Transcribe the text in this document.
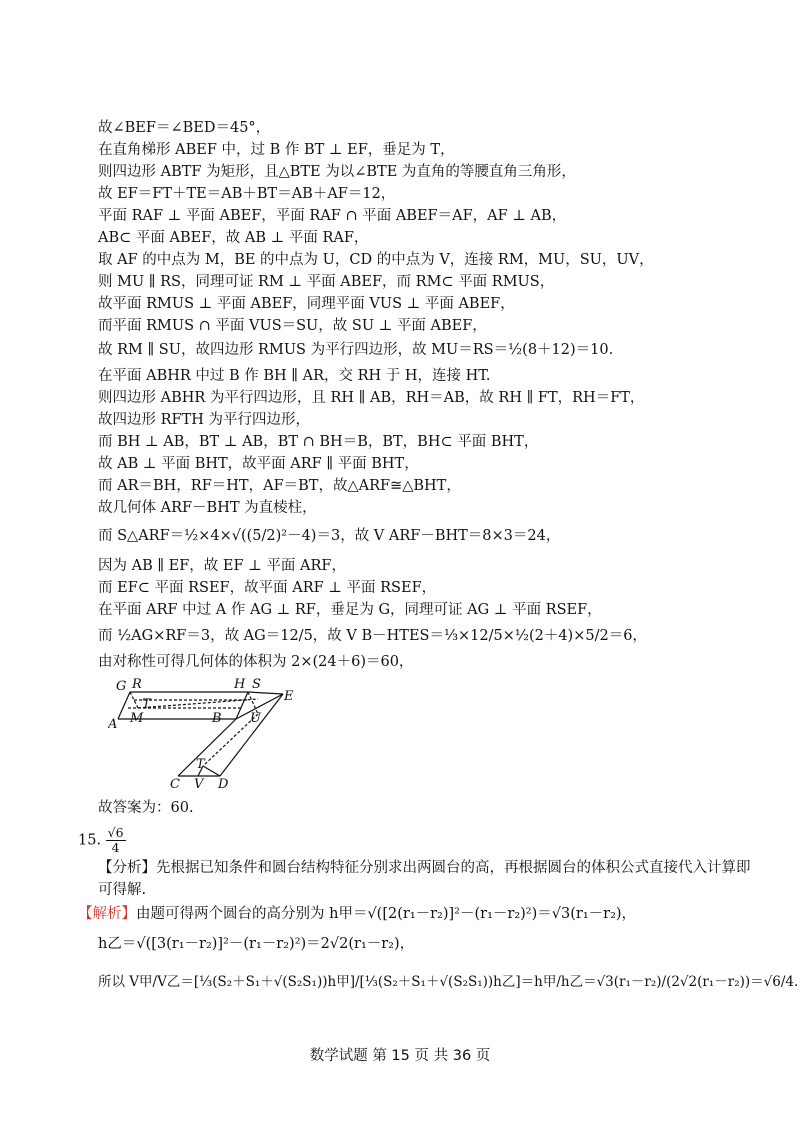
故∠BEF＝∠BED＝45°，
在直角梯形 ABEF 中，过 B 作 BT ⊥ EF，垂足为 T，
则四边形 ABTF 为矩形，且△BTE 为以∠BTE 为直角的等腰直角三角形，
故 EF＝FT＋TE＝AB＋BT＝AB＋AF＝12，
平面 RAF ⊥ 平面 ABEF，平面 RAF ∩ 平面 ABEF＝AF，AF ⊥ AB，
AB⊂ 平面 ABEF，故 AB ⊥ 平面 RAF，
取 AF 的中点为 M，BE 的中点为 U，CD 的中点为 V，连接 RM，MU，SU，UV，
则 MU ∥ RS，同理可证 RM ⊥ 平面 ABEF，而 RM⊂ 平面 RMUS，
故平面 RMUS ⊥ 平面 ABEF，同理平面 VUS ⊥ 平面 ABEF，
而平面 RMUS ∩ 平面 VUS＝SU，故 SU ⊥ 平面 ABEF，
故 RM ∥ SU，故四边形 RMUS 为平行四边形，故 MU＝RS＝½(8＋12)＝10.
在平面 ABHR 中过 B 作 BH ∥ AR，交 RH 于 H，连接 HT.
则四边形 ABHR 为平行四边形，且 RH ∥ AB，RH＝AB，故 RH ∥ FT，RH＝FT，
故四边形 RFTH 为平行四边形，
而 BH ⊥ AB，BT ⊥ AB，BT ∩ BH＝B，BT，BH⊂ 平面 BHT，
故 AB ⊥ 平面 BHT，故平面 ARF ∥ 平面 BHT，
而 AR＝BH，RF＝HT，AF＝BT，故△ARF≅△BHT，
故几何体 ARF－BHT 为直棱柱，
而 S△ARF＝½×4×√((5/2)²－4)＝3，故 V ARF－BHT＝8×3＝24，
因为 AB ∥ EF，故 EF ⊥ 平面 ARF，
而 EF⊂ 平面 RSEF，故平面 ARF ⊥ 平面 RSEF，
在平面 ARF 中过 A 作 AG ⊥ RF，垂足为 G，同理可证 AG ⊥ 平面 RSEF，
而 ½AG×RF＝3，故 AG＝12/5，故 V B－HTES＝⅓×12/5×½(2＋4)×5/2＝6，
由对称性可得几何体的体积为 2×(24＋6)＝60，
G R	H S
E
T
A M	B U
T
C V D
故答案为：60.
15. $\frac{√6}{4}$
【分析】先根据已知条件和圆台结构特征分别求出两圆台的高，再根据圆台的体积公式直接代入计算即
可得解.
【解析】由题可得两个圆台的高分别为 h甲＝√([2(r₁－r₂)]²－(r₁－r₂)²)＝√3(r₁－r₂)，
h乙＝√([3(r₁－r₂)]²－(r₁－r₂)²)＝2√2(r₁－r₂)，
所以 V甲/V乙＝[⅓(S₂＋S₁＋√(S₂S₁))h甲]/[⅓(S₂＋S₁＋√(S₂S₁))h乙]＝h甲/h乙＝√3(r₁－r₂)/(2√2(r₁－r₂))＝√6/4.
数学试题 第 15 页 共 36 页
